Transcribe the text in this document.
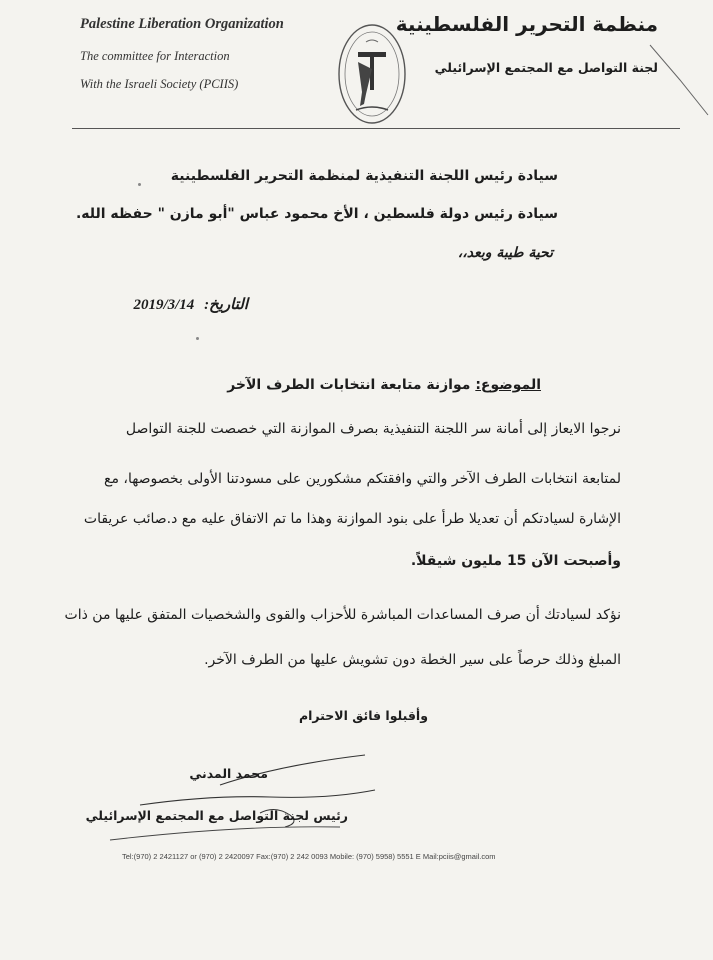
Palestine Liberation Organization
The committee for Interaction
With the Israeli Society (PCIIS)
منظمة التحرير الفلسطينية
لجنة التواصل مع المجتمع الإسرائيلي
سيادة رئيس اللجنة التنفيذية لمنظمة التحرير الفلسطينية
سيادة رئيس دولة فلسطين ، الأخ محمود عباس "أبو مازن " حفظه الله.
تحية طيبة وبعد،،
التاريخ: 2019/3/14
الموضوع: موازنة متابعة انتخابات الطرف الآخر
نرجوا الايعاز إلى أمانة سر اللجنة التنفيذية بصرف الموازنة التي خصصت للجنة التواصل
لمتابعة انتخابات الطرف الآخر والتي وافقتكم مشكورين على مسودتنا الأولى بخصوصها، مع
الإشارة لسيادتكم أن تعديلا طرأ على بنود الموازنة وهذا ما تم الاتفاق عليه مع د.صائب عريقات
وأصبحت الآن 15 مليون شيقلاً.
نؤكد لسيادتك أن صرف المساعدات المباشرة للأحزاب والقوى والشخصيات المتفق عليها من ذات
المبلغ وذلك حرصاً على سير الخطة دون تشويش عليها من الطرف الآخر.
وأقبلوا فائق الاحترام
محمد المدني
رئيس لجنة التواصل مع المجتمع الإسرائيلي
Tel:(970) 2 2421127 or (970) 2 2420097 Fax:(970) 2 242 0093 Mobile: (970) 5958) 5551 E Mail:pciis@gmail.com
